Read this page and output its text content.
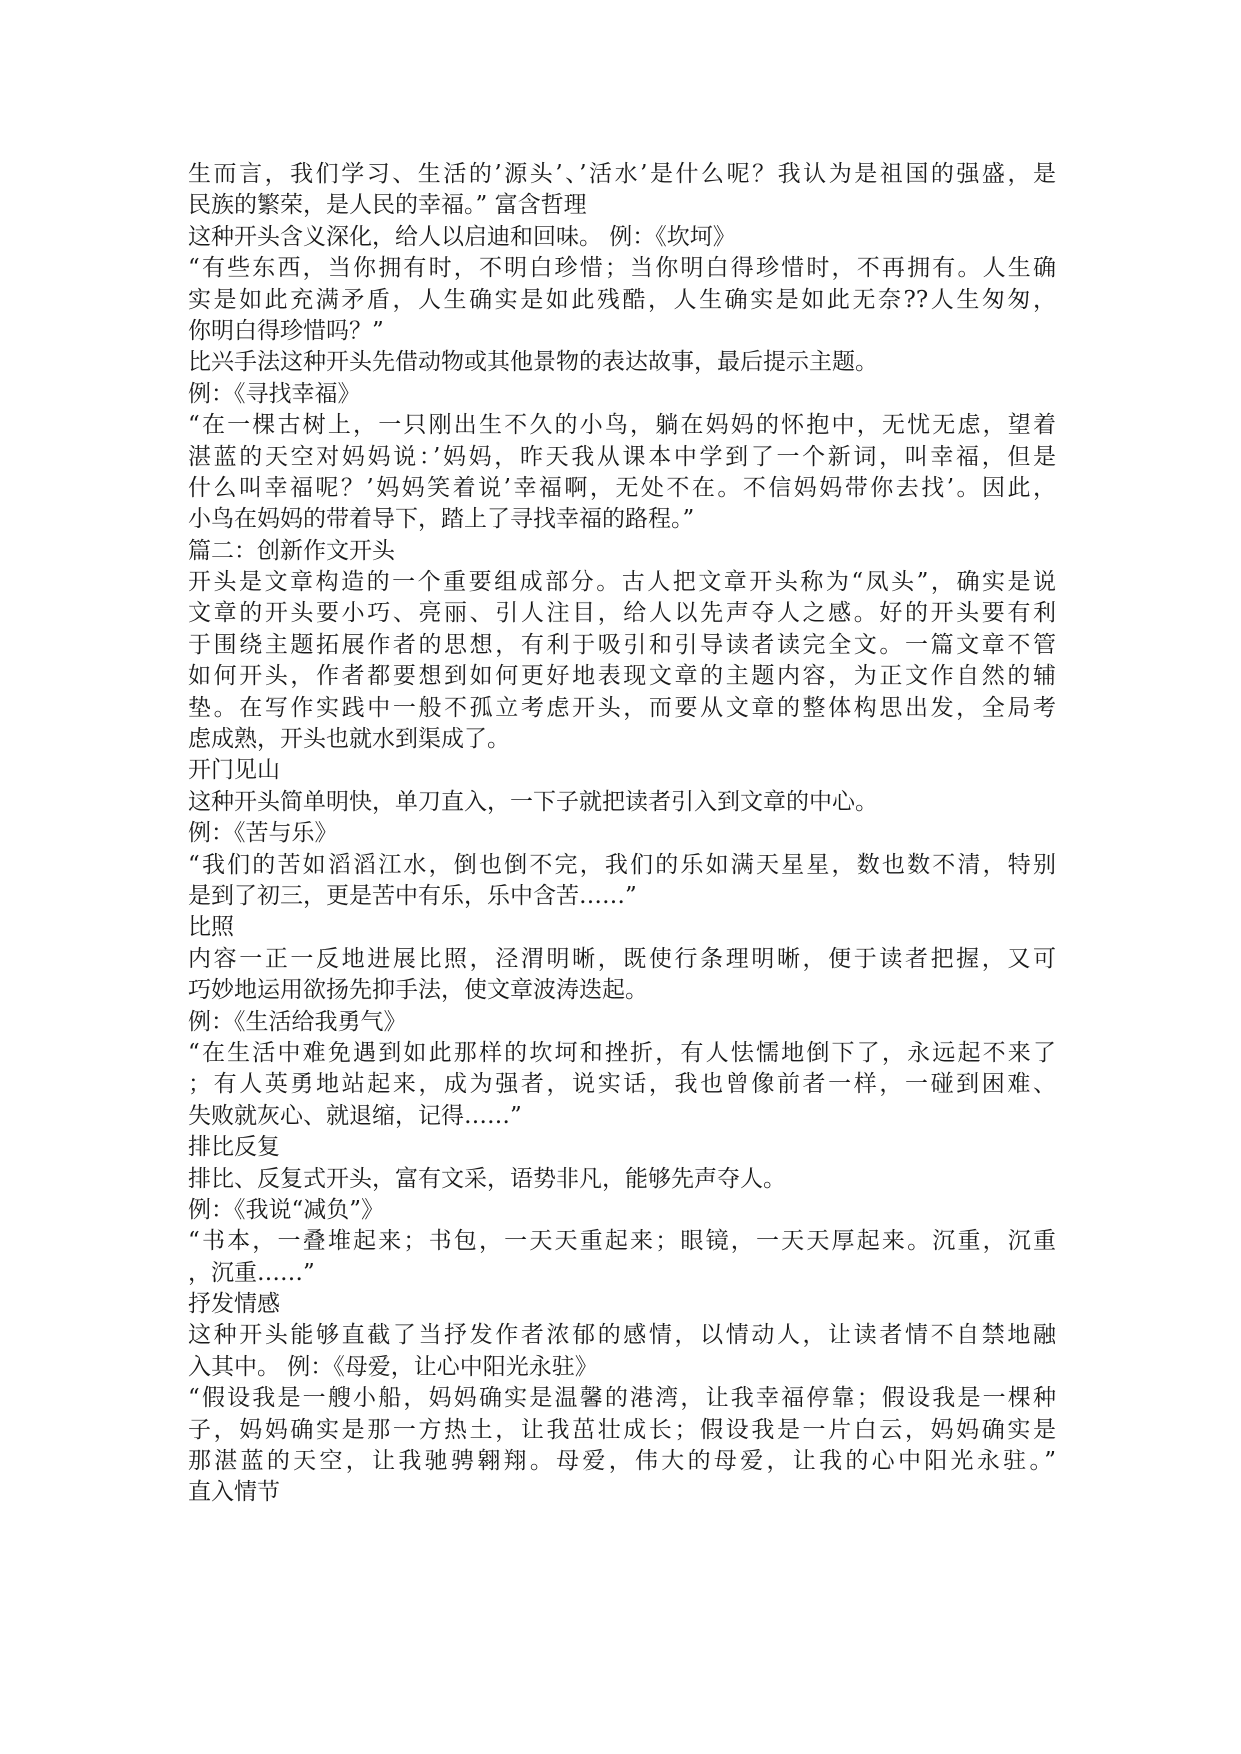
生而言，我们学习、生活的’源头’、’活水’是什么呢？我认为是祖国的强盛，是
民族的繁荣，是人民的幸福。” 富含哲理
这种开头含义深化，给人以启迪和回味。 例：《坎坷》
“有些东西，当你拥有时，不明白珍惜；当你明白得珍惜时，不再拥有。人生确
实是如此充满矛盾，人生确实是如此残酷，人生确实是如此无奈??人生匆匆，
你明白得珍惜吗？”
比兴手法这种开头先借动物或其他景物的表达故事，最后提示主题。
例：《寻找幸福》
“在一棵古树上，一只刚出生不久的小鸟，躺在妈妈的怀抱中，无忧无虑，望着
湛蓝的天空对妈妈说：’妈妈，昨天我从课本中学到了一个新词，叫幸福，但是
什么叫幸福呢？’妈妈笑着说’幸福啊，无处不在。不信妈妈带你去找’。因此，
小鸟在妈妈的带着导下，踏上了寻找幸福的路程。”
篇二：创新作文开头
开头是文章构造的一个重要组成部分。古人把文章开头称为“凤头”，确实是说
文章的开头要小巧、亮丽、引人注目，给人以先声夺人之感。好的开头要有利
于围绕主题拓展作者的思想，有利于吸引和引导读者读完全文。一篇文章不管
如何开头，作者都要想到如何更好地表现文章的主题内容，为正文作自然的辅
垫。在写作实践中一般不孤立考虑开头，而要从文章的整体构思出发，全局考
虑成熟，开头也就水到渠成了。
开门见山
这种开头简单明快，单刀直入，一下子就把读者引入到文章的中心。
例：《苦与乐》
“我们的苦如滔滔江水，倒也倒不完，我们的乐如满天星星，数也数不清，特别
是到了初三，更是苦中有乐，乐中含苦……”
比照
内容一正一反地进展比照，泾渭明晰，既使行条理明晰，便于读者把握，又可
巧妙地运用欲扬先抑手法，使文章波涛迭起。
例：《生活给我勇气》
“在生活中难免遇到如此那样的坎坷和挫折，有人怯懦地倒下了，永远起不来了
；有人英勇地站起来，成为强者，说实话，我也曾像前者一样，一碰到困难、
失败就灰心、就退缩，记得……”
排比反复
排比、反复式开头，富有文采，语势非凡，能够先声夺人。
例：《我说“减负”》
“书本，一叠堆起来；书包，一天天重起来；眼镜，一天天厚起来。沉重，沉重
，沉重……”
抒发情感
这种开头能够直截了当抒发作者浓郁的感情，以情动人，让读者情不自禁地融
入其中。 例：《母爱，让心中阳光永驻》
“假设我是一艘小船，妈妈确实是温馨的港湾，让我幸福停靠；假设我是一棵种
子，妈妈确实是那一方热土，让我茁壮成长；假设我是一片白云，妈妈确实是
那湛蓝的天空，让我驰骋翱翔。母爱，伟大的母爱，让我的心中阳光永驻。”
直入情节
